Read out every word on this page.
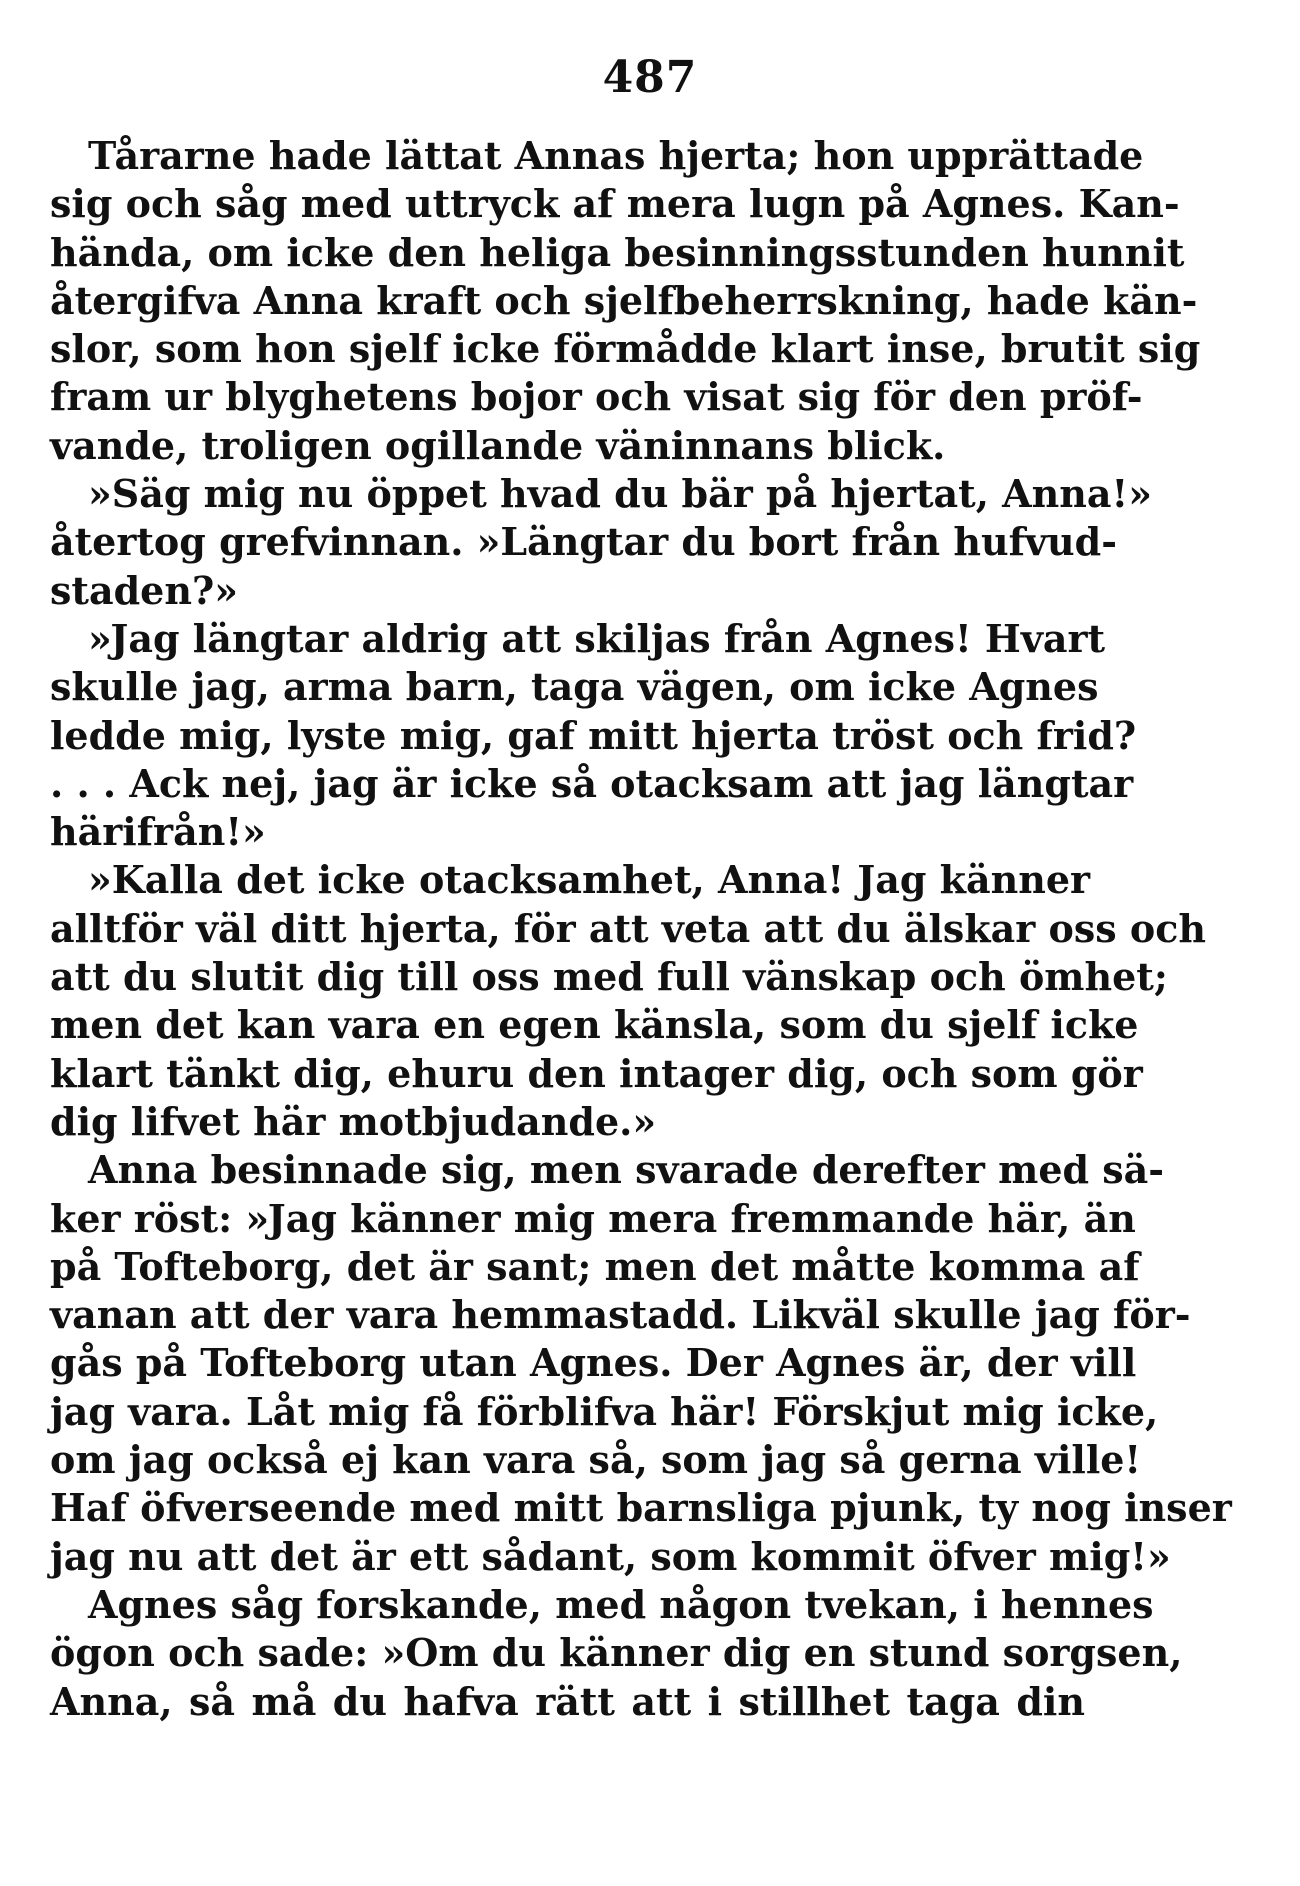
487
Tårarne hade lättat Annas hjerta; hon upprättade
sig och såg med uttryck af mera lugn på Agnes. Kan-
hända, om icke den heliga besinningsstunden hunnit
återgifva Anna kraft och sjelfbeherrskning, hade kän-
slor, som hon sjelf icke förmådde klart inse, brutit sig
fram ur blyghetens bojor och visat sig för den pröf-
vande, troligen ogillande väninnans blick.
»Säg mig nu öppet hvad du bär på hjertat, Anna!»
återtog grefvinnan. »Längtar du bort från hufvud-
staden?»
»Jag längtar aldrig att skiljas från Agnes! Hvart
skulle jag, arma barn, taga vägen, om icke Agnes
ledde mig, lyste mig, gaf mitt hjerta tröst och frid?
. . . Ack nej, jag är icke så otacksam att jag längtar
härifrån!»
»Kalla det icke otacksamhet, Anna! Jag känner
alltför väl ditt hjerta, för att veta att du älskar oss och
att du slutit dig till oss med full vänskap och ömhet;
men det kan vara en egen känsla, som du sjelf icke
klart tänkt dig, ehuru den intager dig, och som gör
dig lifvet här motbjudande.»
Anna besinnade sig, men svarade derefter med sä-
ker röst: »Jag känner mig mera fremmande här, än
på Tofteborg, det är sant; men det måtte komma af
vanan att der vara hemmastadd. Likväl skulle jag för-
gås på Tofteborg utan Agnes. Der Agnes är, der vill
jag vara. Låt mig få förblifva här! Förskjut mig icke,
om jag också ej kan vara så, som jag så gerna ville!
Haf öfverseende med mitt barnsliga pjunk, ty nog inser
jag nu att det är ett sådant, som kommit öfver mig!»
Agnes såg forskande, med någon tvekan, i hennes
ögon och sade: »Om du känner dig en stund sorgsen,
Anna, så må du hafva rätt att i stillhet taga din
